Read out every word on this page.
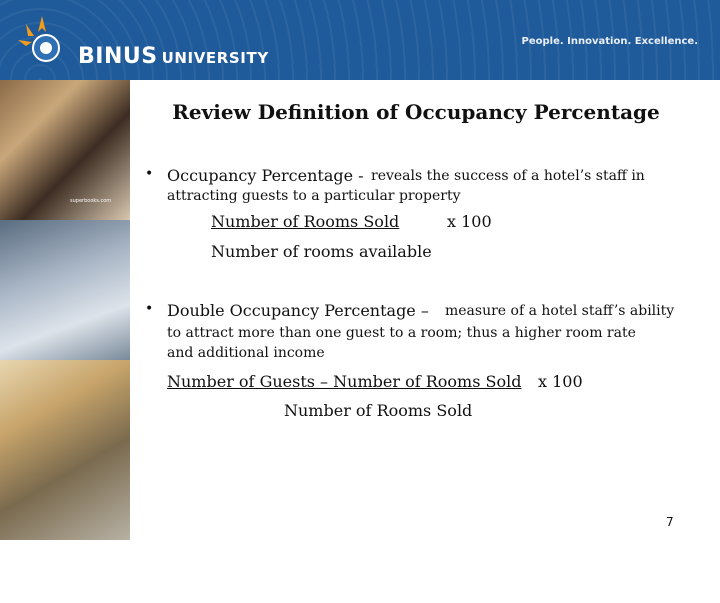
BINUS UNIVERSITY
People. Innovation. Excellence.
superbooks.com
Bina Nusantara
Review Definition of Occupancy Percentage
• Occupancy Percentage - reveals the success of a hotel’s staff in
attracting guests to a particular property
Number of Rooms Sold	x 100
Number of rooms available
• Double Occupancy Percentage – measure of a hotel staff’s ability
to attract more than one guest to a room; thus a higher room rate
and additional income
Number of Guests – Number of Rooms Sold x 100
Number of Rooms Sold
7
